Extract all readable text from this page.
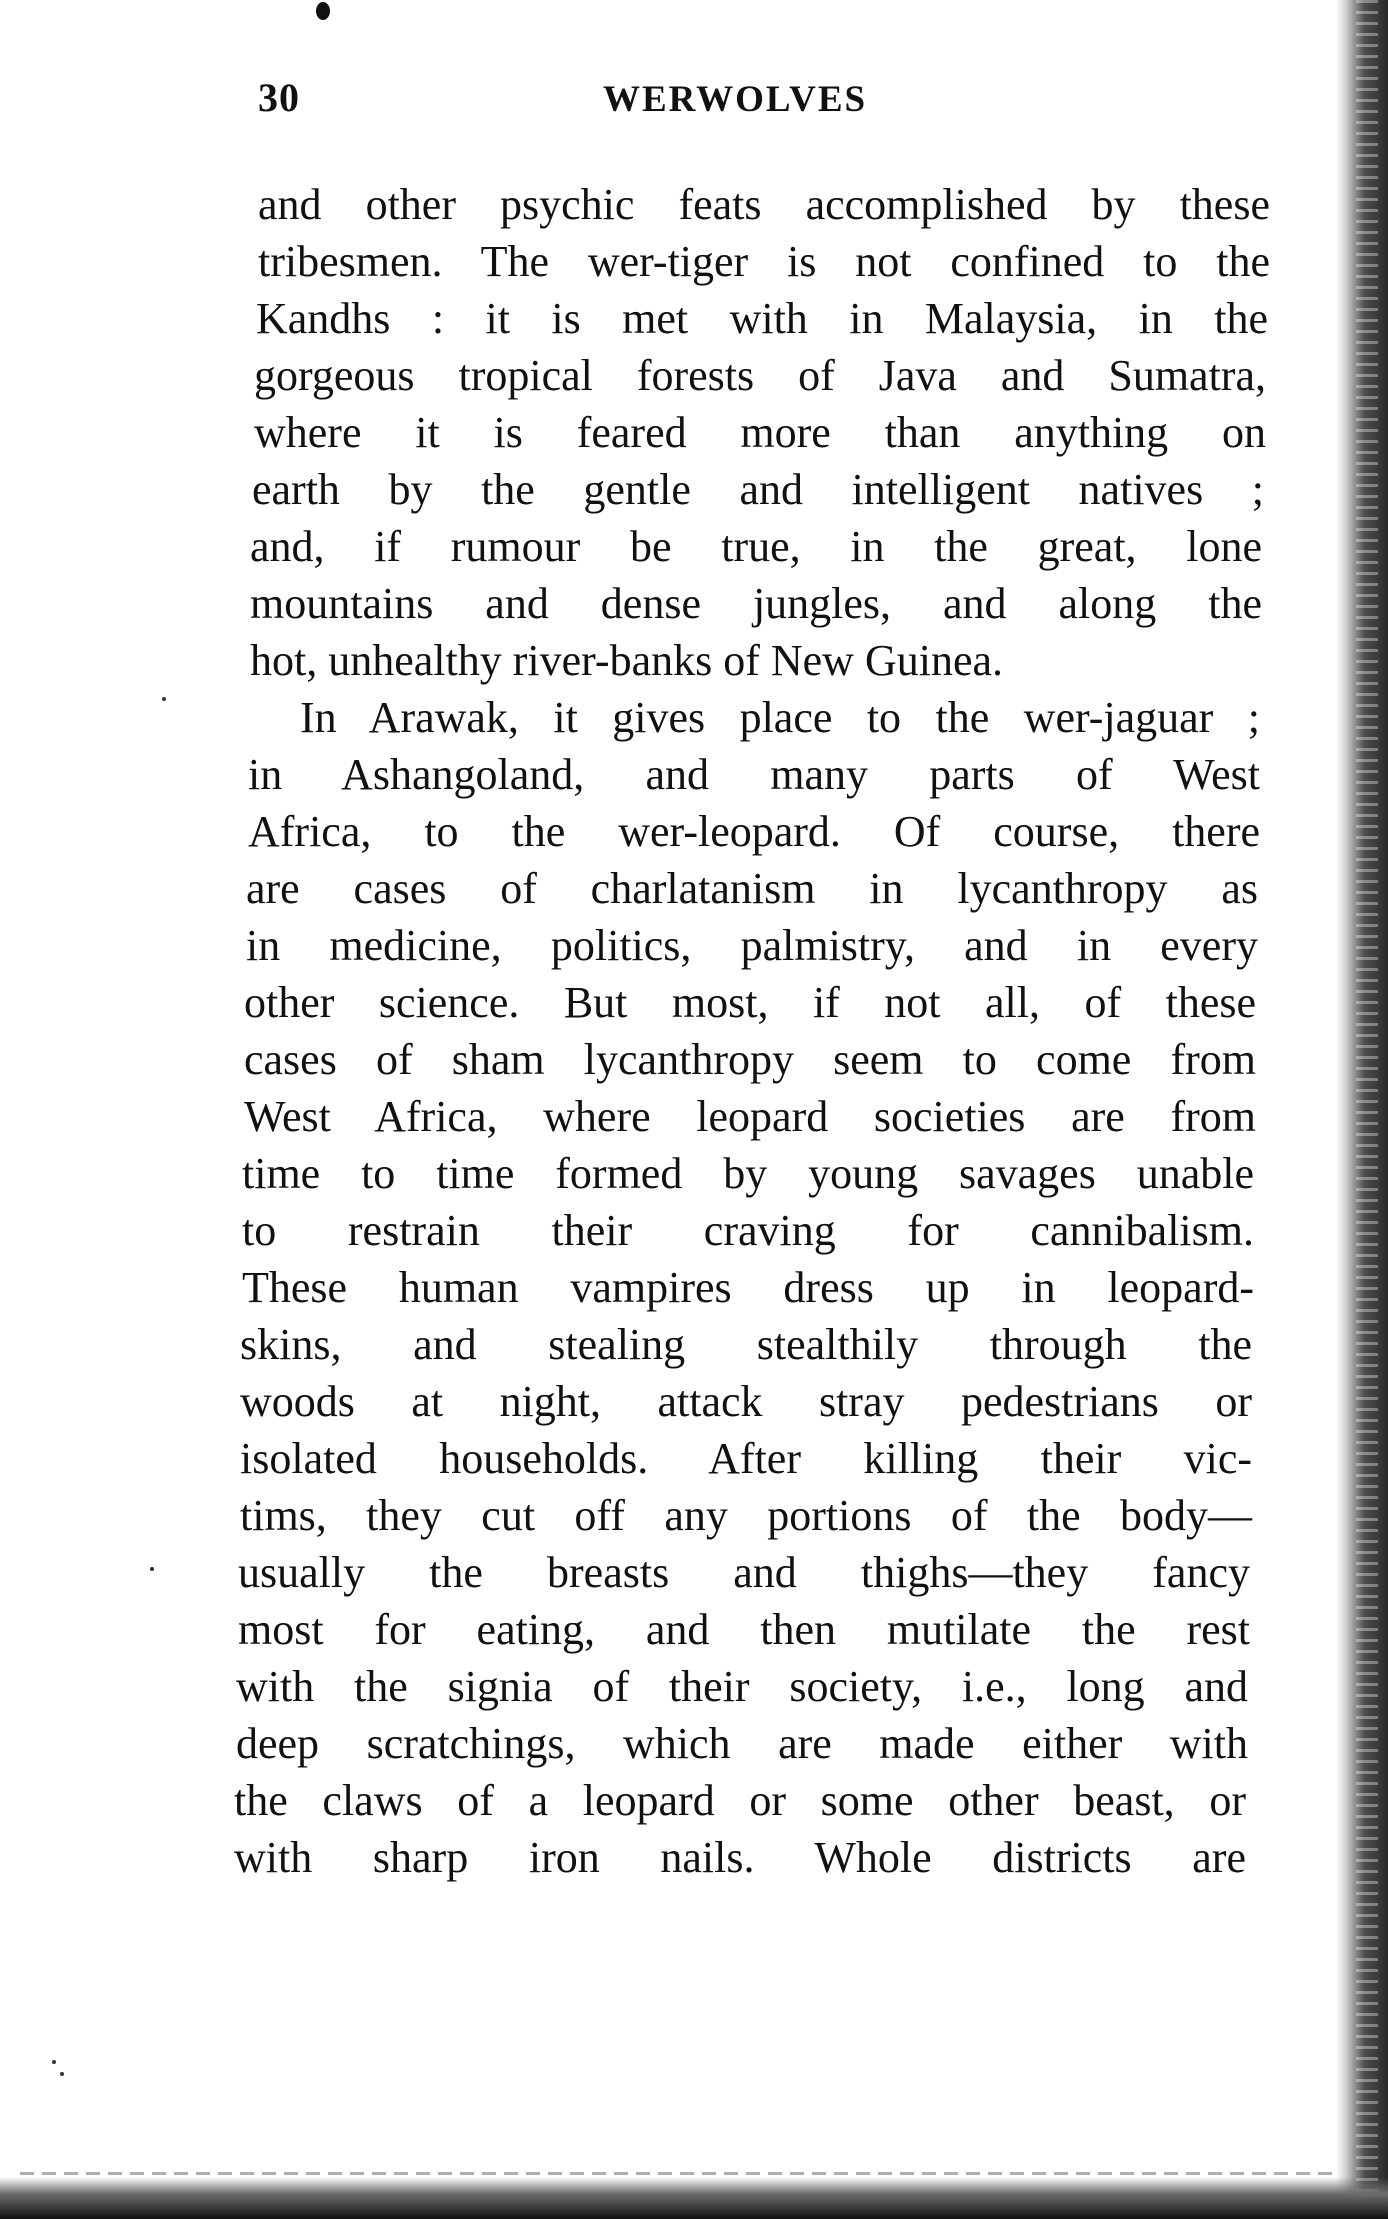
30	WERWOLVES
and other psychic feats accomplished by these
tribesmen. The wer-tiger is not confined to the
Kandhs : it is met with in Malaysia, in the
gorgeous tropical forests of Java and Sumatra,
where it is feared more than anything on
earth by the gentle and intelligent natives ;
and, if rumour be true, in the great, lone
mountains and dense jungles, and along the
hot, unhealthy river-banks of New Guinea.
In Arawak, it gives place to the wer-jaguar ;
in Ashangoland, and many parts of West
Africa, to the wer-leopard. Of course, there
are cases of charlatanism in lycanthropy as
in medicine, politics, palmistry, and in every
other science. But most, if not all, of these
cases of sham lycanthropy seem to come from
West Africa, where leopard societies are from
time to time formed by young savages unable
to restrain their craving for cannibalism.
These human vampires dress up in leopard-
skins, and stealing stealthily through the
woods at night, attack stray pedestrians or
isolated households. After killing their vic-
tims, they cut off any portions of the body—
usually the breasts and thighs—they fancy
most for eating, and then mutilate the rest
with the signia of their society, i.e., long and
deep scratchings, which are made either with
the claws of a leopard or some other beast, or
with sharp iron nails. Whole districts are
